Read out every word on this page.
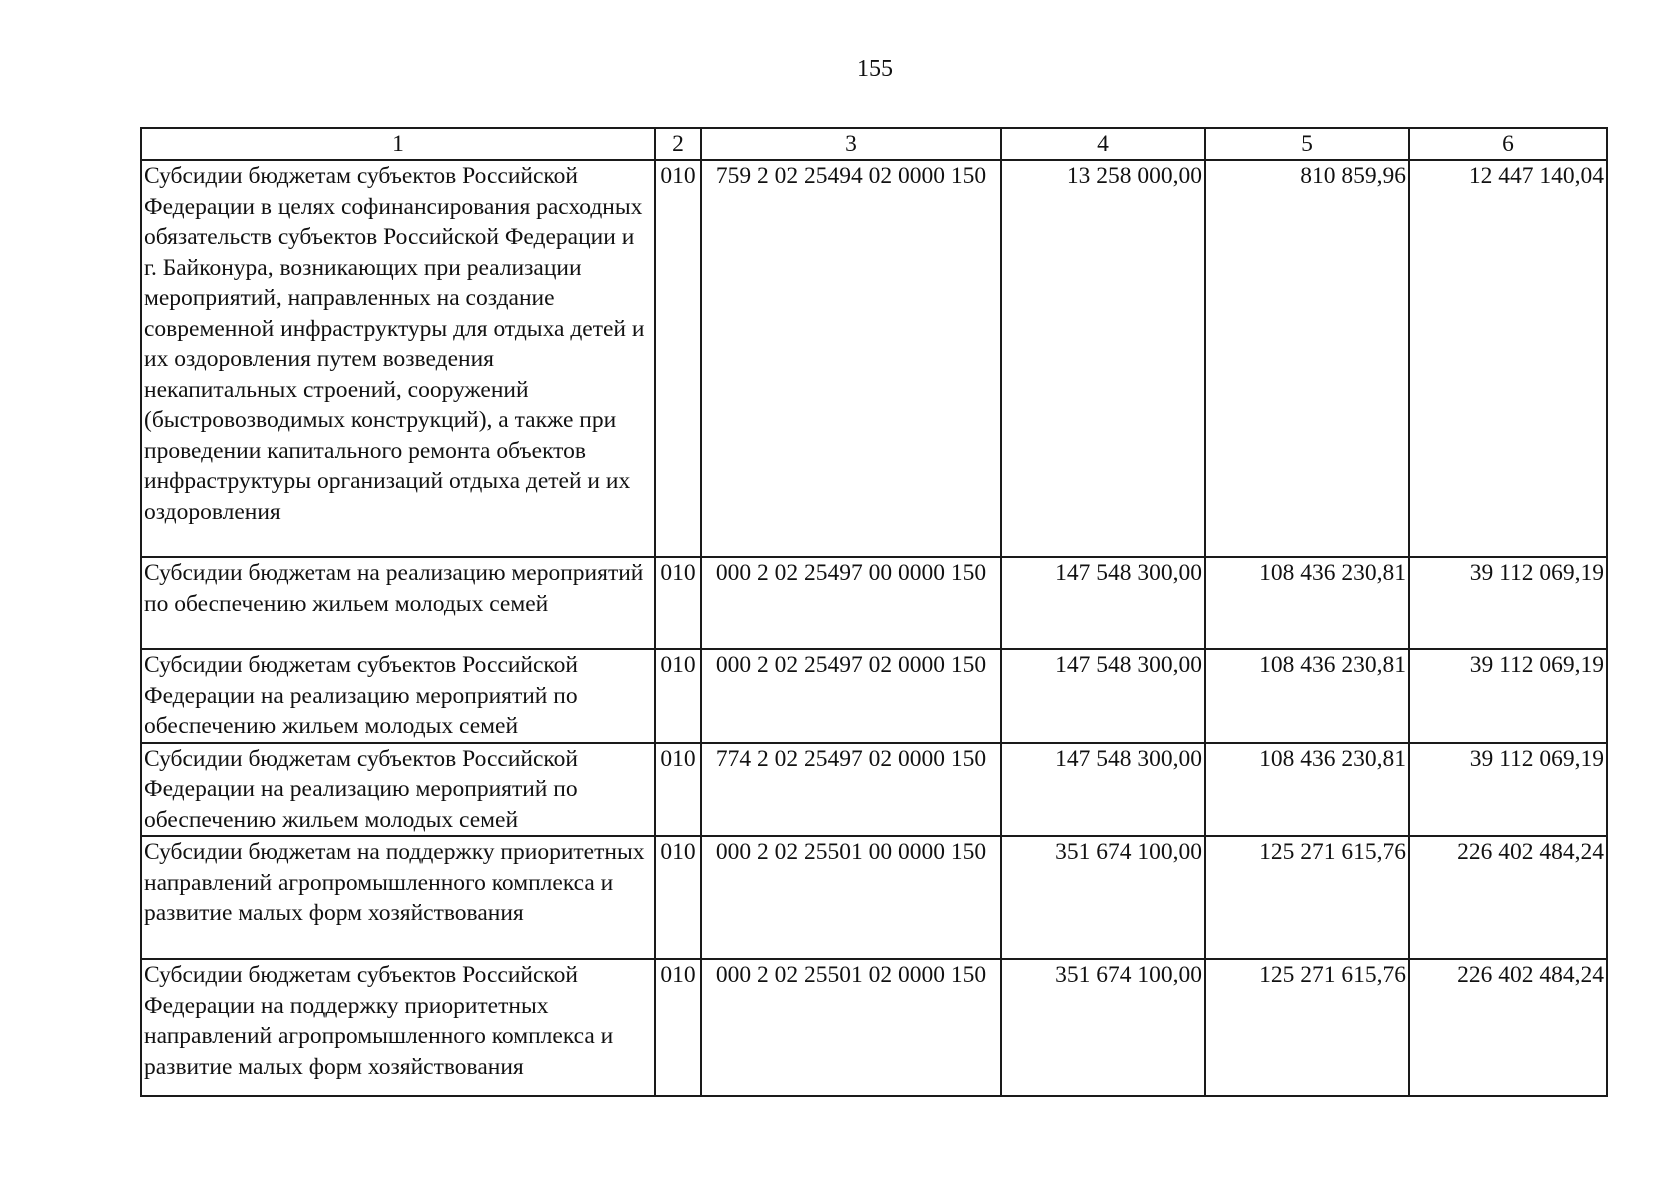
155
1	2	3	4	5	6
Субсидии бюджетам субъектов Российской Федерации в целях софинансирования расходных обязательств субъектов Российской Федерации и г. Байконура, возникающих при реализации мероприятий, направленных на создание современной инфраструктуры для отдыха детей и их оздоровления путем возведения некапитальных строений, сооружений (быстровозводимых конструкций), а также при проведении капитального ремонта объектов инфраструктуры организаций отдыха детей и их оздоровления	010	759 2 02 25494 02 0000 150	13 258 000,00	810 859,96	12 447 140,04
Субсидии бюджетам на реализацию мероприятий по обеспечению жильем молодых семей	010	000 2 02 25497 00 0000 150	147 548 300,00	108 436 230,81	39 112 069,19
Субсидии бюджетам субъектов Российской Федерации на реализацию мероприятий по обеспечению жильем молодых семей	010	000 2 02 25497 02 0000 150	147 548 300,00	108 436 230,81	39 112 069,19
Субсидии бюджетам субъектов Российской Федерации на реализацию мероприятий по обеспечению жильем молодых семей	010	774 2 02 25497 02 0000 150	147 548 300,00	108 436 230,81	39 112 069,19
Субсидии бюджетам на поддержку приоритетных направлений агропромышленного комплекса и развитие малых форм хозяйствования	010	000 2 02 25501 00 0000 150	351 674 100,00	125 271 615,76	226 402 484,24
Субсидии бюджетам субъектов Российской Федерации на поддержку приоритетных направлений агропромышленного комплекса и развитие малых форм хозяйствования	010	000 2 02 25501 02 0000 150	351 674 100,00	125 271 615,76	226 402 484,24
